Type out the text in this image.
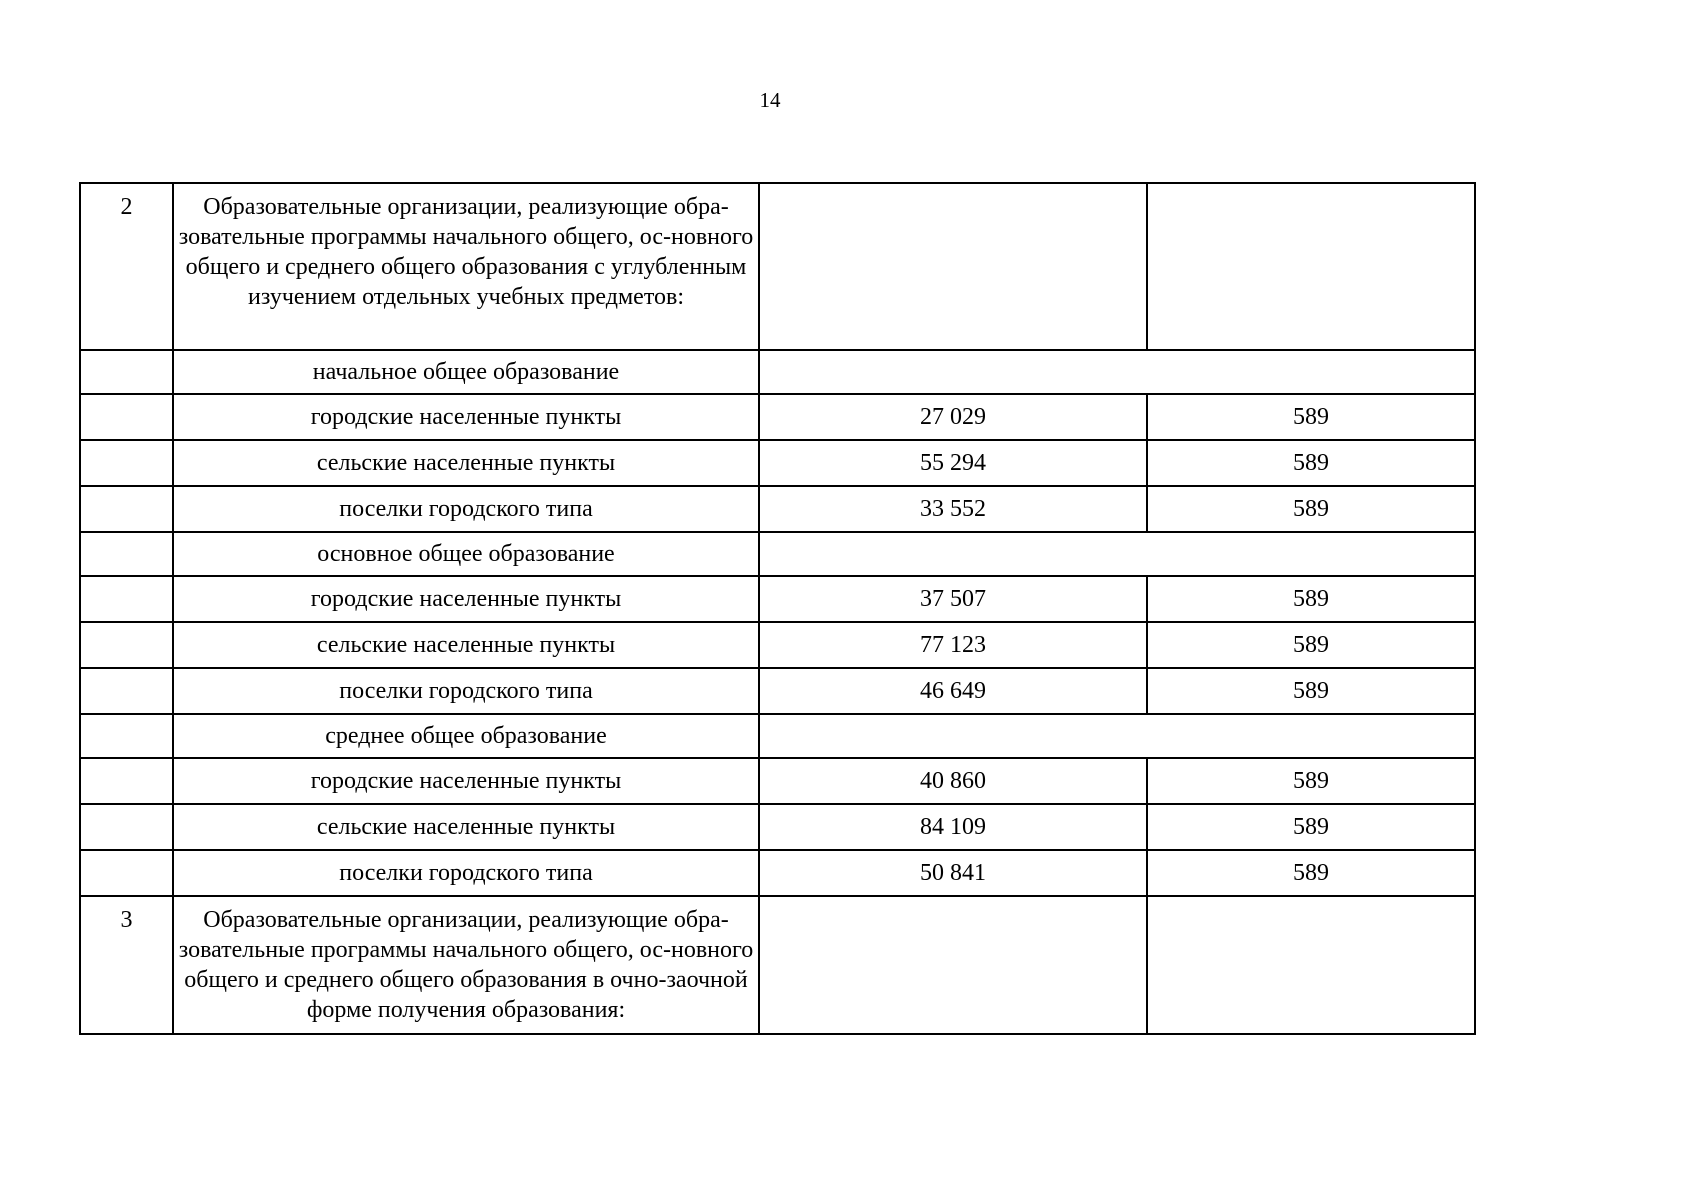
14
2	Образовательные организации, реализующие обра-зовательные программы начального общего, ос-новного общего и среднего общего образования с углубленным изучением отдельных учебных предметов:		
	начальное общее образование		
	городские населенные пункты	27 029	589
	сельские населенные пункты	55 294	589
	поселки городского типа	33 552	589
	основное общее образование		
	городские населенные пункты	37 507	589
	сельские населенные пункты	77 123	589
	поселки городского типа	46 649	589
	среднее общее образование		
	городские населенные пункты	40 860	589
	сельские населенные пункты	84 109	589
	поселки городского типа	50 841	589
3	Образовательные организации, реализующие обра-зовательные программы начального общего, ос-новного общего и среднего общего образования в очно-заочной форме получения образования:		
